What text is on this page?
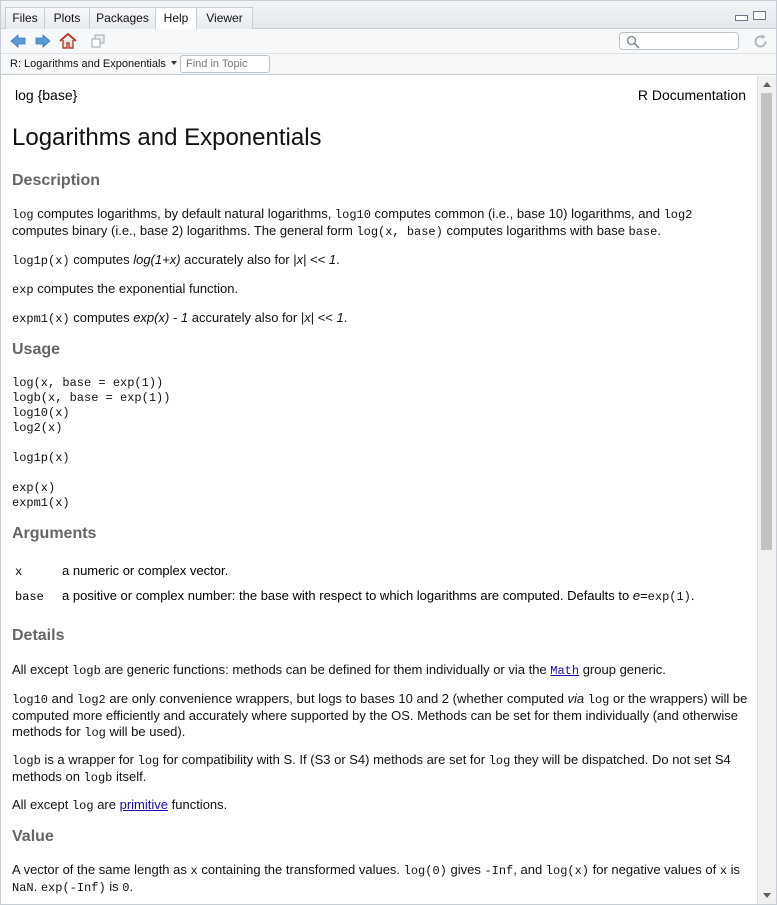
Files	Plots	Packages	Help	Viewer
R: Logarithms and Exponentials
Find in Topic
log {base}	R Documentation
Logarithms and Exponentials
Description

log computes logarithms, by default natural logarithms, log10 computes common (i.e., base 10) logarithms, and log2 computes binary (i.e., base 2) logarithms. The general form log(x, base) computes logarithms with base base.

log1p(x) computes log(1+x) accurately also for |x| << 1.

exp computes the exponential function.

expm1(x) computes exp(x) - 1 accurately also for |x| << 1.

Usage
log(x, base = exp(1))
logb(x, base = exp(1))
log10(x)
log2(x)
log1p(x)
exp(x)
expm1(x)
Arguments
x	a numeric or complex vector.
base a positive or complex number: the base with respect to which logarithms are computed. Defaults to e=exp(1).
Details

All except logb are generic functions: methods can be defined for them individually or via the Math group generic.

log10 and log2 are only convenience wrappers, but logs to bases 10 and 2 (whether computed via log or the wrappers) will be computed more efficiently and accurately where supported by the OS. Methods can be set for them individually (and otherwise methods for log will be used).

logb is a wrapper for log for compatibility with S. If (S3 or S4) methods are set for log they will be dispatched. Do not set S4 methods on logb itself.

All except log are primitive functions.

Value

A vector of the same length as x containing the transformed values. log(0) gives -Inf, and log(x) for negative values of x is NaN. exp(-Inf) is 0.
